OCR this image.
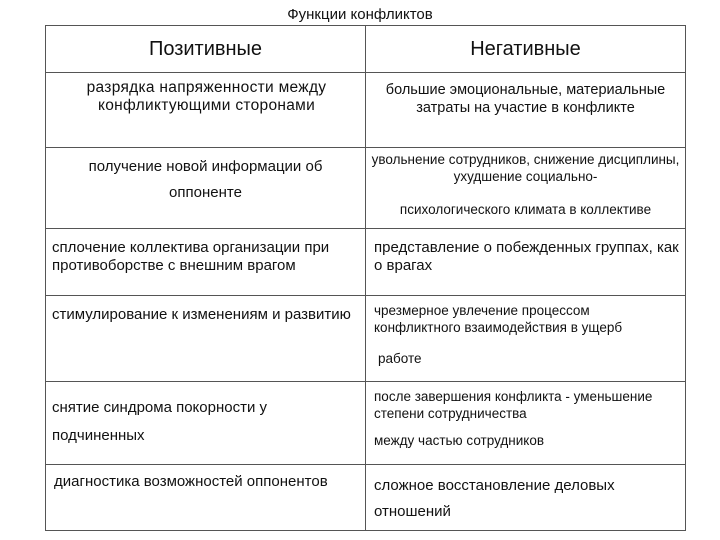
Функции конфликтов
Позитивные	Негативные

разрядка напряженности между конфликтующими сторонами	большие эмоциональные, материальные затраты на участие в конфликте

получение новой информации об оппоненте	увольнение сотрудников, снижение дисциплины, ухудшение социально-
психологического климата в коллективе

сплочение коллектива организации при противоборстве с внешним врагом	представление о побежденных группах, как о врагах

стимулирование к изменениям и развитию	чрезмерное увлечение процессом конфликтного взаимодействия в ущерб
работе

снятие синдрома покорности у подчиненных	после завершения конфликта - уменьшение степени сотрудничества
между частью сотрудников

диагностика возможностей оппонентов	сложное восстановление деловых
отношений
